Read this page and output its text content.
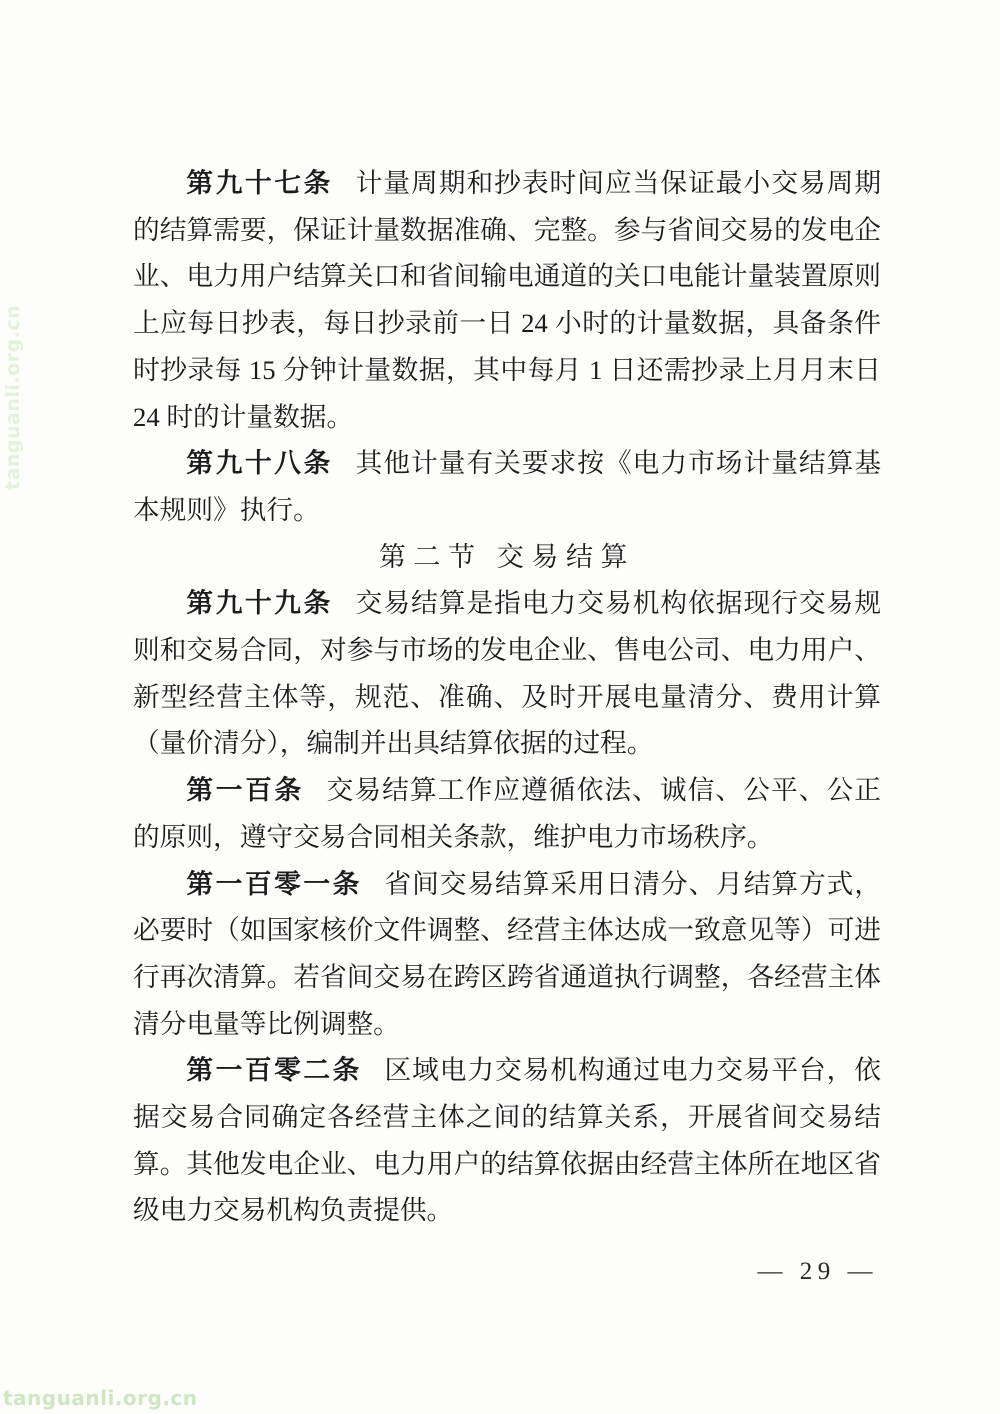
tanguanli.org.cn

第九十七条 计量周期和抄表时间应当保证最小交易周期的结算需要，保证计量数据准确、完整。参与省间交易的发电企业、电力用户结算关口和省间输电通道的关口电能计量装置原则上应每日抄表，每日抄录前一日 24 小时的计量数据，具备条件时抄录每 15 分钟计量数据，其中每月 1 日还需抄录上月月末日 24 时的计量数据。

第九十八条 其他计量有关要求按《电力市场计量结算基本规则》执行。

第二节 交易结算

第九十九条 交易结算是指电力交易机构依据现行交易规则和交易合同，对参与市场的发电企业、售电公司、电力用户、新型经营主体等，规范、准确、及时开展电量清分、费用计算（量价清分），编制并出具结算依据的过程。

第一百条 交易结算工作应遵循依法、诚信、公平、公正的原则，遵守交易合同相关条款，维护电力市场秩序。

第一百零一条 省间交易结算采用日清分、月结算方式，必要时（如国家核价文件调整、经营主体达成一致意见等）可进行再次清算。若省间交易在跨区跨省通道执行调整，各经营主体清分电量等比例调整。

第一百零二条 区域电力交易机构通过电力交易平台，依据交易合同确定各经营主体之间的结算关系，开展省间交易结算。其他发电企业、电力用户的结算依据由经营主体所在地区省级电力交易机构负责提供。

— 29 —
tanguanli.org.cn
